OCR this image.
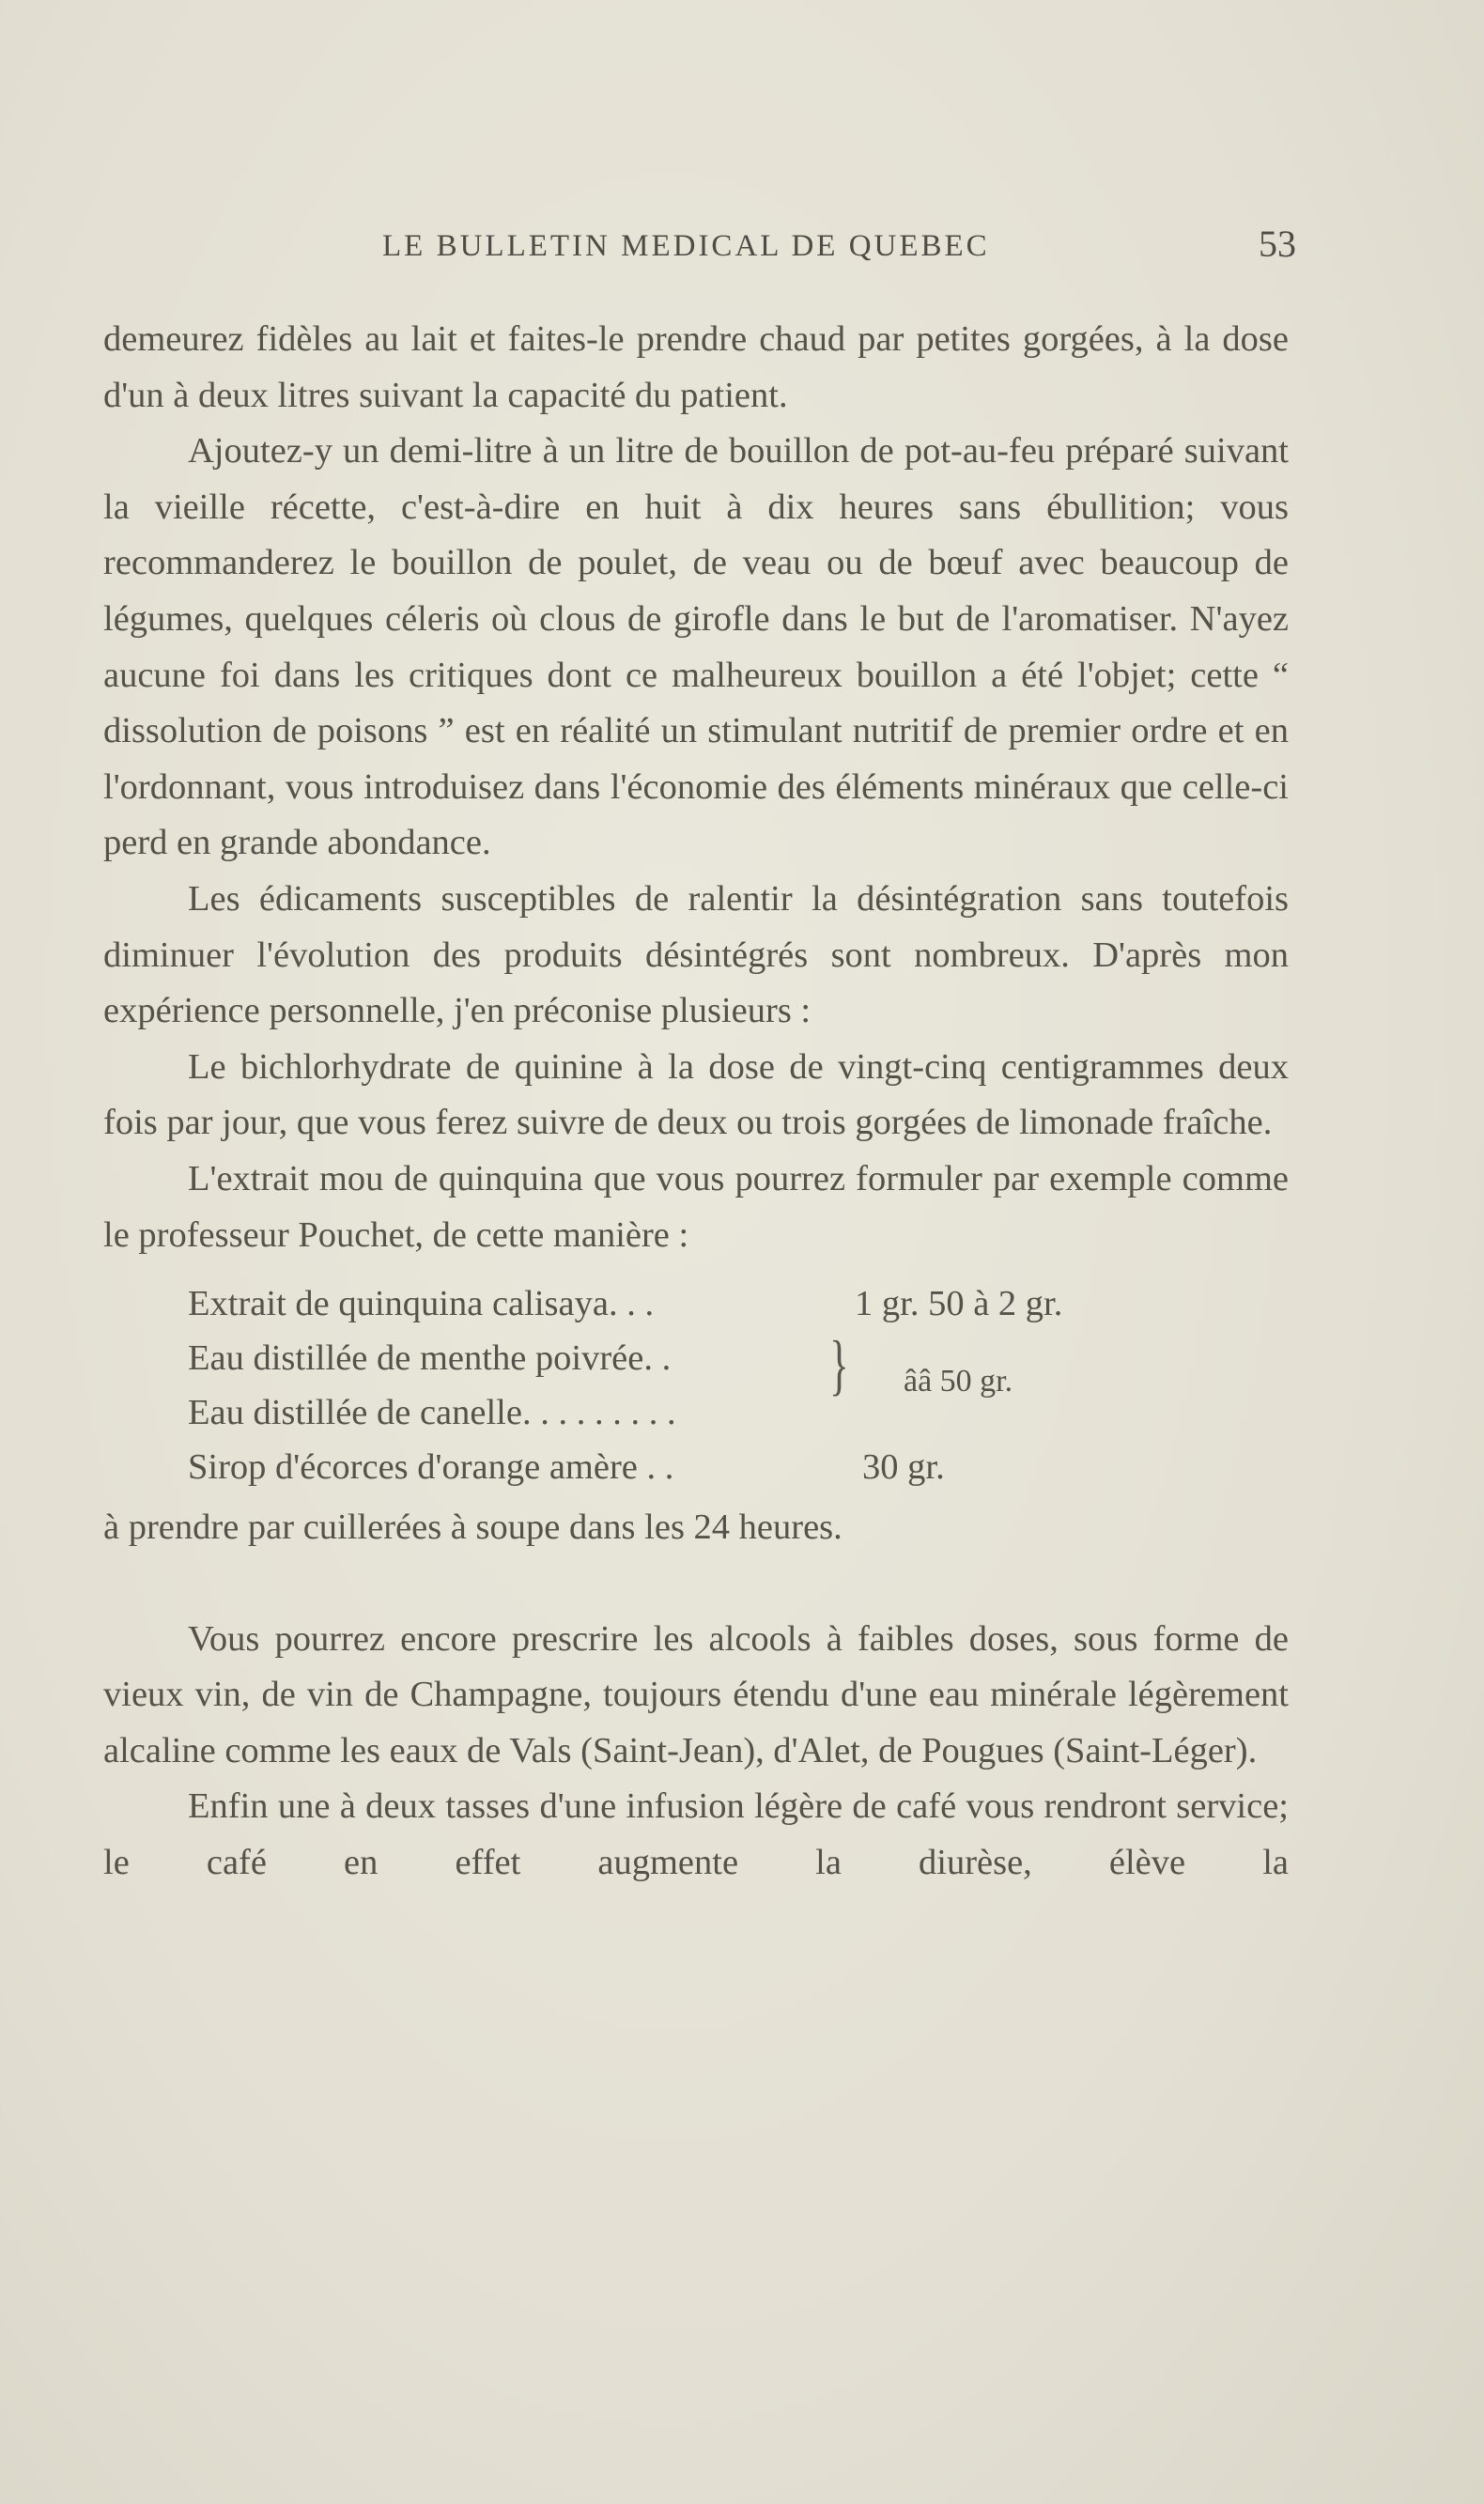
LE BULLETIN MEDICAL DE QUEBEC	53

demeurez fidèles au lait et faites-le prendre chaud par petites gorgées, à la dose d'un à deux litres suivant la capacité du patient.

Ajoutez-y un demi-litre à un litre de bouillon de pot-au-feu préparé suivant la vieille récette, c'est-à-dire en huit à dix heures sans ébullition; vous recommanderez le bouillon de poulet, de veau ou de bœuf avec beaucoup de légumes, quelques céleris où clous de girofle dans le but de l'aromatiser. N'ayez aucune foi dans les critiques dont ce malheureux bouillon a été l'objet; cette “ dissolution de poisons ” est en réalité un stimulant nutritif de premier ordre et en l'ordonnant, vous introduisez dans l'économie des éléments minéraux que celle-ci perd en grande abondance.

Les édicaments susceptibles de ralentir la désintégration sans toutefois diminuer l'évolution des produits désintégrés sont nombreux. D'après mon expérience personnelle, j'en préconise plusieurs :

Le bichlorhydrate de quinine à la dose de vingt-cinq centigrammes deux fois par jour, que vous ferez suivre de deux ou trois gorgées de limonade fraîche.

L'extrait mou de quinquina que vous pourrez formuler par exemple comme le professeur Pouchet, de cette manière :

Extrait de quinquina calisaya. . .	1 gr. 50 à 2 gr.
Eau distillée de menthe poivrée. .
Eau distillée de canelle. . . . . . . . .
} ââ 50 gr.
Sirop d'écorces d'orange amère . .	30 gr.

à prendre par cuillerées à soupe dans les 24 heures.

Vous pourrez encore prescrire les alcools à faibles doses, sous forme de vieux vin, de vin de Champagne, toujours étendu d'une eau minérale légèrement alcaline comme les eaux de Vals (Saint-Jean), d'Alet, de Pougues (Saint-Léger).

Enfin une à deux tasses d'une infusion légère de café vous rendront service; le café en effet augmente la diurèse, élève la
